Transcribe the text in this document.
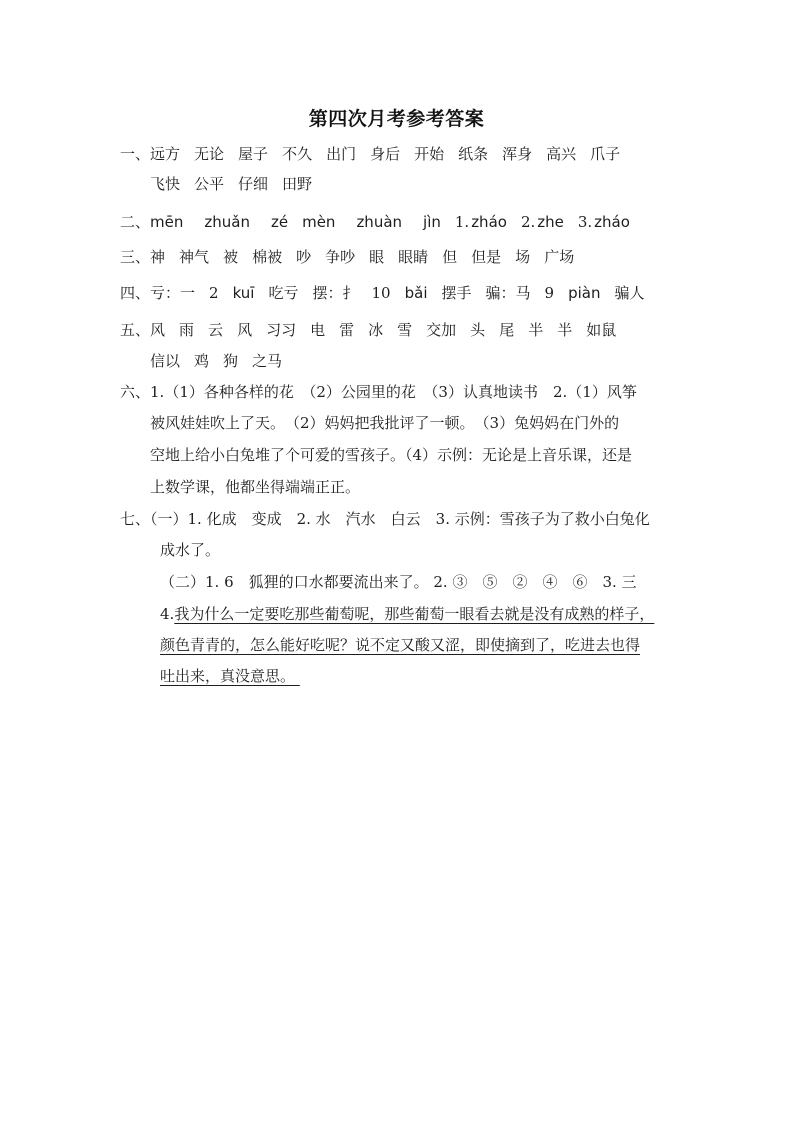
第四次月考参考答案
一、远方 无论 屋子 不久 出门 身后 开始 纸条 浑身 高兴 爪子
飞快 公平 仔细 田野
二、mēn zhuǎn zé mèn zhuàn jìn 1. zháo 2. zhe 3. zháo
三、神 神气 被 棉被 吵 争吵 眼 眼睛 但 但是 场 广场
四、亏：一 2 kuī 吃亏 摆：扌 10 bǎi 摆手 骗：马 9 piàn 骗人
五、风 雨 云 风 习习 电 雷 冰 雪 交加 头 尾 半 半 如鼠
信以 鸡 狗 之马
六、1.（1）各种各样的花　（2）公园里的花　（3）认真地读书　2.（1）风筝
被风娃娃吹上了天。　（2）妈妈把我批评了一顿。　（3）兔妈妈在门外的
空地上给小白兔堆了个可爱的雪孩子。（4）示例：无论是上音乐课，还是
上数学课，他都坐得端端正正。
七、（一）1. 化成　变成　2. 水　汽水　白云　3. 示例：雪孩子为了救小白兔化
成水了。
（二）1. 6　狐狸的口水都要流出来了。 2. ③　⑤　②　④　⑥　3. 三
4.我为什么一定要吃那些葡萄呢，那些葡萄一眼看去就是没有成熟的样子，
颜色青青的，怎么能好吃呢？说不定又酸又涩，即使摘到了，吃进去也得
吐出来，真没意思。
